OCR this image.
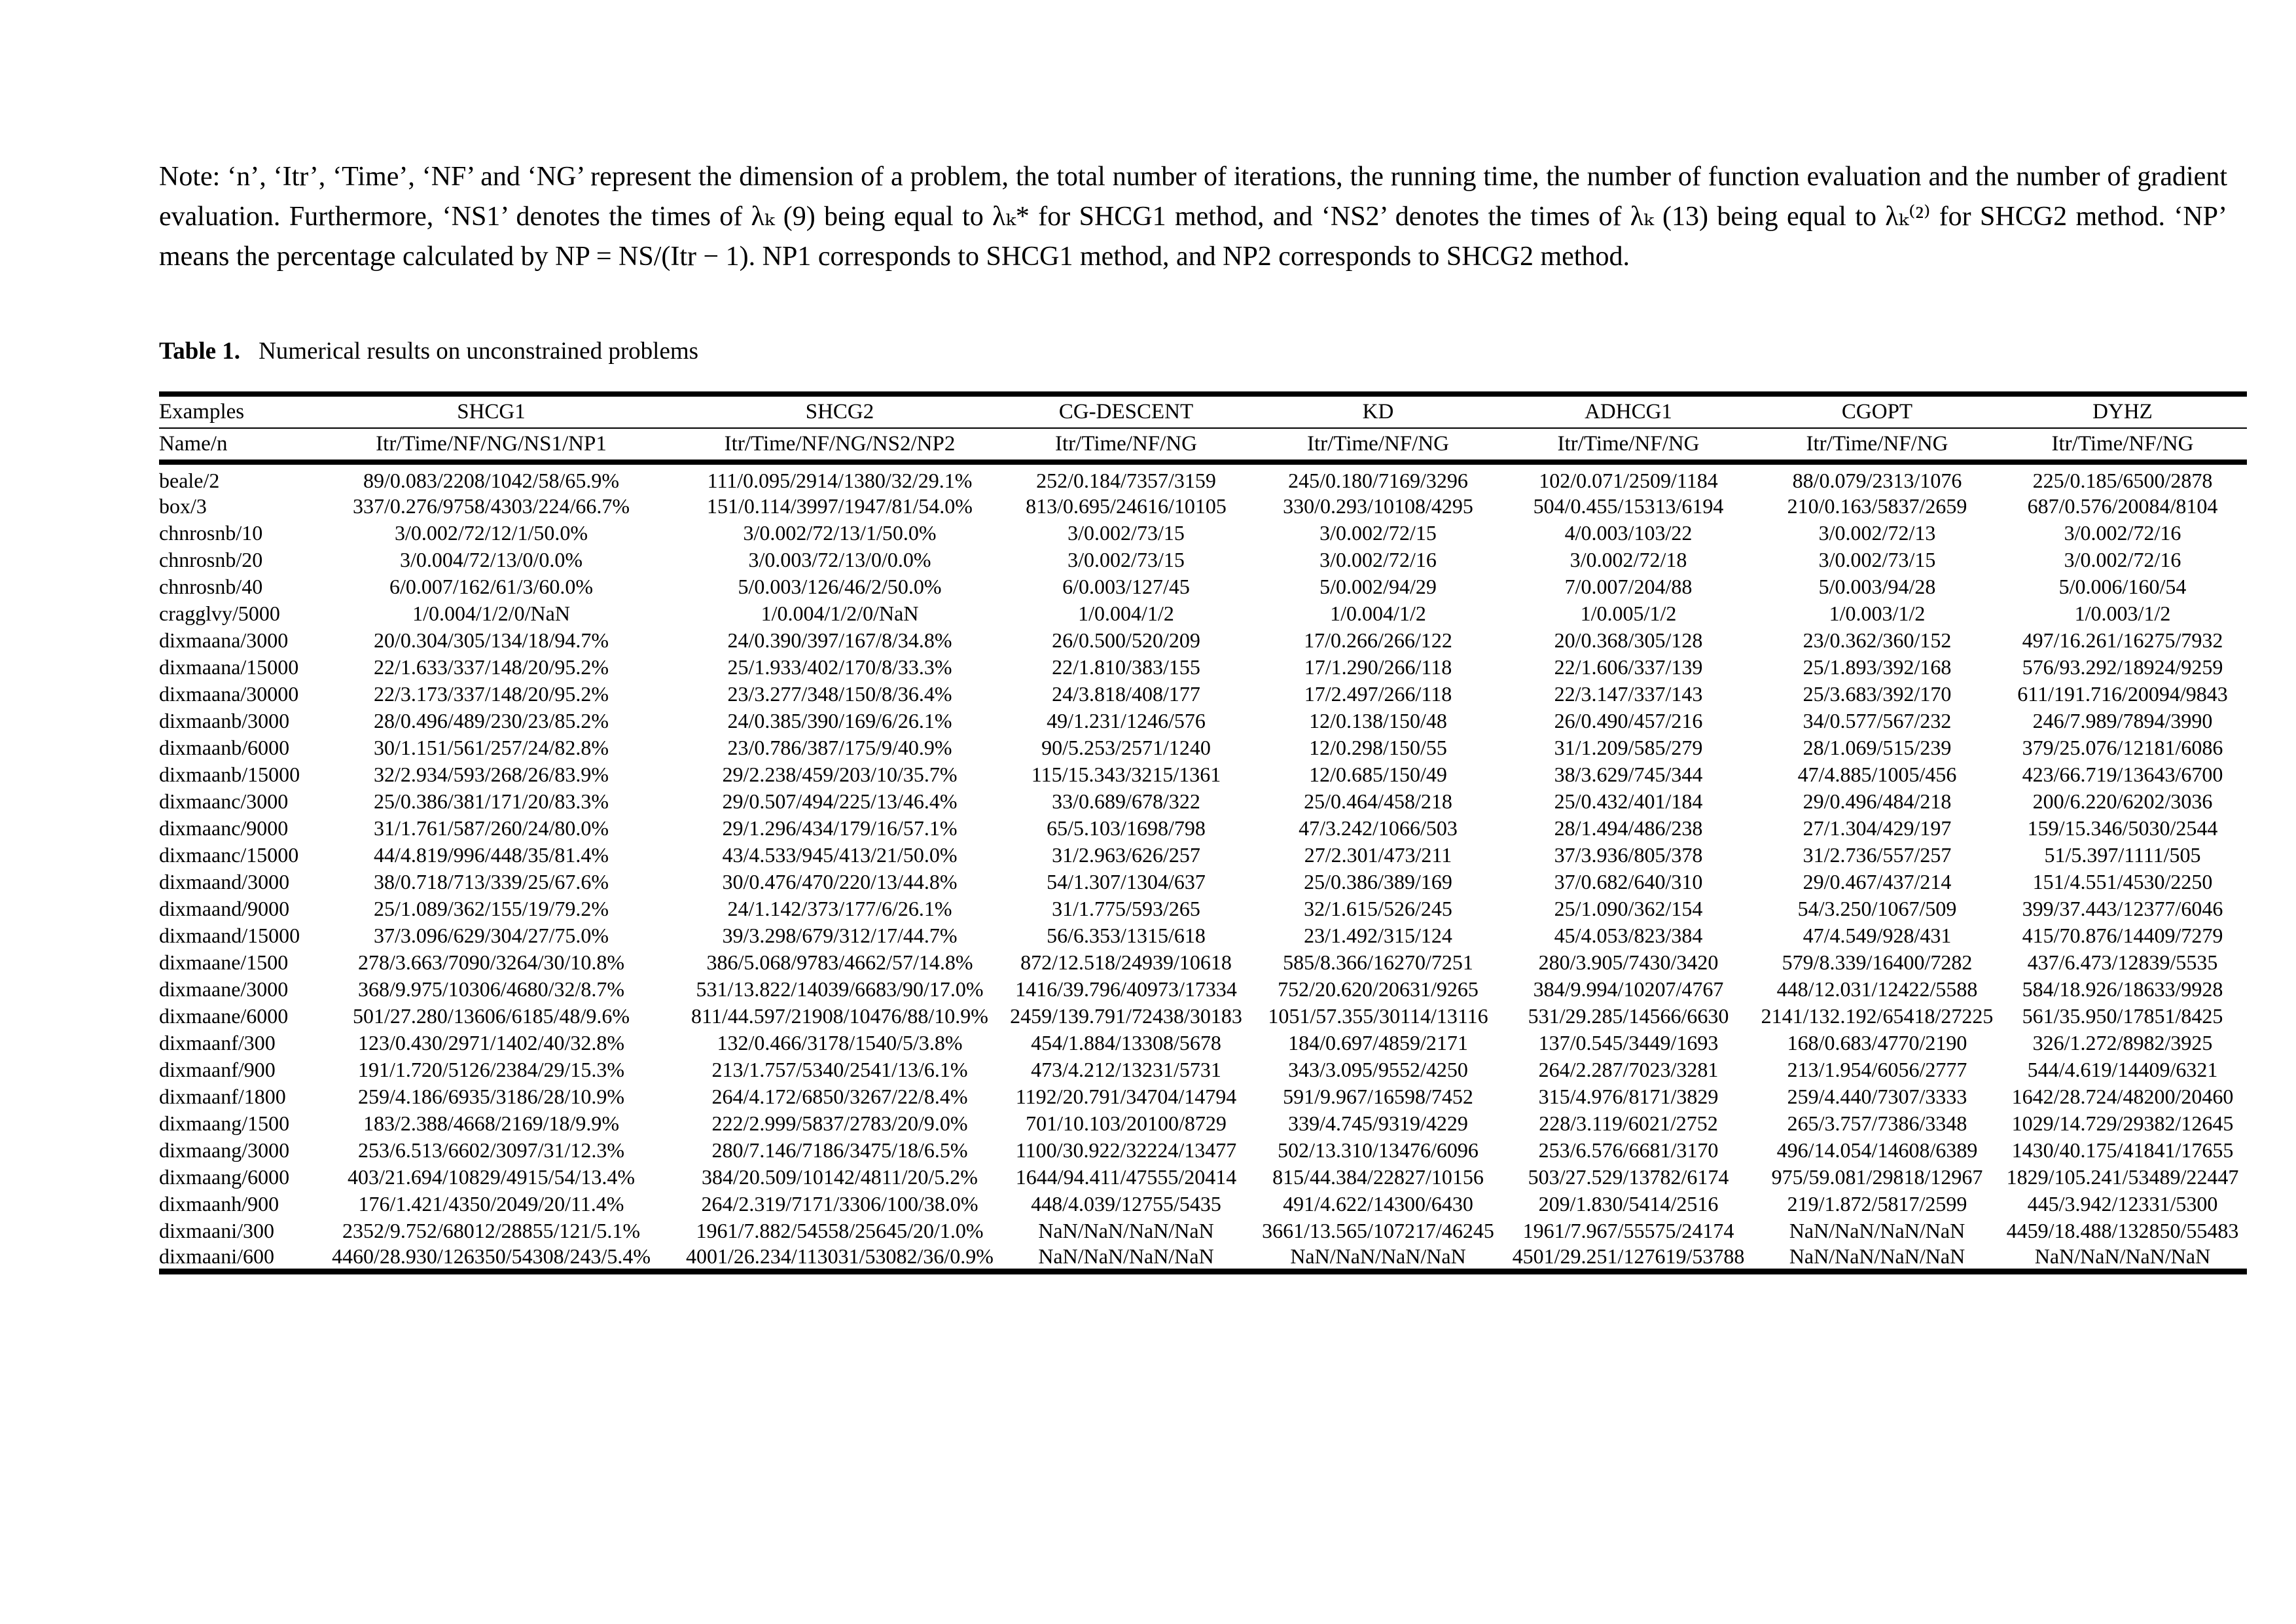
Note: ‘n’, ‘Itr’, ‘Time’, ‘NF’ and ‘NG’ represent the dimension of a problem, the total number of iterations, the running time, the number of function evaluation and the number of gradient evaluation. Furthermore, ‘NS1’ denotes the times of λₖ (9) being equal to λₖ* for SHCG1 method, and ‘NS2’ denotes the times of λₖ (13) being equal to λₖ⁽²⁾ for SHCG2 method. ‘NP’ means the percentage calculated by NP = NS/(Itr − 1). NP1 corresponds to SHCG1 method, and NP2 corresponds to SHCG2 method.

Table 1. Numerical results on unconstrained problems

Examples	SHCG1	SHCG2	CG-DESCENT	KD	ADHCG1	CGOPT	DYHZ
Name/n	Itr/Time/NF/NG/NS1/NP1	Itr/Time/NF/NG/NS2/NP2	Itr/Time/NF/NG	Itr/Time/NF/NG	Itr/Time/NF/NG	Itr/Time/NF/NG	Itr/Time/NF/NG
beale/2	89/0.083/2208/1042/58/65.9%	111/0.095/2914/1380/32/29.1%	252/0.184/7357/3159	245/0.180/7169/3296	102/0.071/2509/1184	88/0.079/2313/1076	225/0.185/6500/2878
box/3	337/0.276/9758/4303/224/66.7%	151/0.114/3997/1947/81/54.0%	813/0.695/24616/10105	330/0.293/10108/4295	504/0.455/15313/6194	210/0.163/5837/2659	687/0.576/20084/8104
chnrosnb/10	3/0.002/72/12/1/50.0%	3/0.002/72/13/1/50.0%	3/0.002/73/15	3/0.002/72/15	4/0.003/103/22	3/0.002/72/13	3/0.002/72/16
chnrosnb/20	3/0.004/72/13/0/0.0%	3/0.003/72/13/0/0.0%	3/0.002/73/15	3/0.002/72/16	3/0.002/72/18	3/0.002/73/15	3/0.002/72/16
chnrosnb/40	6/0.007/162/61/3/60.0%	5/0.003/126/46/2/50.0%	6/0.003/127/45	5/0.002/94/29	7/0.007/204/88	5/0.003/94/28	5/0.006/160/54
cragglvy/5000	1/0.004/1/2/0/NaN	1/0.004/1/2/0/NaN	1/0.004/1/2	1/0.004/1/2	1/0.005/1/2	1/0.003/1/2	1/0.003/1/2
dixmaana/3000	20/0.304/305/134/18/94.7%	24/0.390/397/167/8/34.8%	26/0.500/520/209	17/0.266/266/122	20/0.368/305/128	23/0.362/360/152	497/16.261/16275/7932
dixmaana/15000	22/1.633/337/148/20/95.2%	25/1.933/402/170/8/33.3%	22/1.810/383/155	17/1.290/266/118	22/1.606/337/139	25/1.893/392/168	576/93.292/18924/9259
dixmaana/30000	22/3.173/337/148/20/95.2%	23/3.277/348/150/8/36.4%	24/3.818/408/177	17/2.497/266/118	22/3.147/337/143	25/3.683/392/170	611/191.716/20094/9843
dixmaanb/3000	28/0.496/489/230/23/85.2%	24/0.385/390/169/6/26.1%	49/1.231/1246/576	12/0.138/150/48	26/0.490/457/216	34/0.577/567/232	246/7.989/7894/3990
dixmaanb/6000	30/1.151/561/257/24/82.8%	23/0.786/387/175/9/40.9%	90/5.253/2571/1240	12/0.298/150/55	31/1.209/585/279	28/1.069/515/239	379/25.076/12181/6086
dixmaanb/15000	32/2.934/593/268/26/83.9%	29/2.238/459/203/10/35.7%	115/15.343/3215/1361	12/0.685/150/49	38/3.629/745/344	47/4.885/1005/456	423/66.719/13643/6700
dixmaanc/3000	25/0.386/381/171/20/83.3%	29/0.507/494/225/13/46.4%	33/0.689/678/322	25/0.464/458/218	25/0.432/401/184	29/0.496/484/218	200/6.220/6202/3036
dixmaanc/9000	31/1.761/587/260/24/80.0%	29/1.296/434/179/16/57.1%	65/5.103/1698/798	47/3.242/1066/503	28/1.494/486/238	27/1.304/429/197	159/15.346/5030/2544
dixmaanc/15000	44/4.819/996/448/35/81.4%	43/4.533/945/413/21/50.0%	31/2.963/626/257	27/2.301/473/211	37/3.936/805/378	31/2.736/557/257	51/5.397/1111/505
dixmaand/3000	38/0.718/713/339/25/67.6%	30/0.476/470/220/13/44.8%	54/1.307/1304/637	25/0.386/389/169	37/0.682/640/310	29/0.467/437/214	151/4.551/4530/2250
dixmaand/9000	25/1.089/362/155/19/79.2%	24/1.142/373/177/6/26.1%	31/1.775/593/265	32/1.615/526/245	25/1.090/362/154	54/3.250/1067/509	399/37.443/12377/6046
dixmaand/15000	37/3.096/629/304/27/75.0%	39/3.298/679/312/17/44.7%	56/6.353/1315/618	23/1.492/315/124	45/4.053/823/384	47/4.549/928/431	415/70.876/14409/7279
dixmaane/1500	278/3.663/7090/3264/30/10.8%	386/5.068/9783/4662/57/14.8%	872/12.518/24939/10618	585/8.366/16270/7251	280/3.905/7430/3420	579/8.339/16400/7282	437/6.473/12839/5535
dixmaane/3000	368/9.975/10306/4680/32/8.7%	531/13.822/14039/6683/90/17.0%	1416/39.796/40973/17334	752/20.620/20631/9265	384/9.994/10207/4767	448/12.031/12422/5588	584/18.926/18633/9928
dixmaane/6000	501/27.280/13606/6185/48/9.6%	811/44.597/21908/10476/88/10.9%	2459/139.791/72438/30183	1051/57.355/30114/13116	531/29.285/14566/6630	2141/132.192/65418/27225	561/35.950/17851/8425
dixmaanf/300	123/0.430/2971/1402/40/32.8%	132/0.466/3178/1540/5/3.8%	454/1.884/13308/5678	184/0.697/4859/2171	137/0.545/3449/1693	168/0.683/4770/2190	326/1.272/8982/3925
dixmaanf/900	191/1.720/5126/2384/29/15.3%	213/1.757/5340/2541/13/6.1%	473/4.212/13231/5731	343/3.095/9552/4250	264/2.287/7023/3281	213/1.954/6056/2777	544/4.619/14409/6321
dixmaanf/1800	259/4.186/6935/3186/28/10.9%	264/4.172/6850/3267/22/8.4%	1192/20.791/34704/14794	591/9.967/16598/7452	315/4.976/8171/3829	259/4.440/7307/3333	1642/28.724/48200/20460
dixmaang/1500	183/2.388/4668/2169/18/9.9%	222/2.999/5837/2783/20/9.0%	701/10.103/20100/8729	339/4.745/9319/4229	228/3.119/6021/2752	265/3.757/7386/3348	1029/14.729/29382/12645
dixmaang/3000	253/6.513/6602/3097/31/12.3%	280/7.146/7186/3475/18/6.5%	1100/30.922/32224/13477	502/13.310/13476/6096	253/6.576/6681/3170	496/14.054/14608/6389	1430/40.175/41841/17655
dixmaang/6000	403/21.694/10829/4915/54/13.4%	384/20.509/10142/4811/20/5.2%	1644/94.411/47555/20414	815/44.384/22827/10156	503/27.529/13782/6174	975/59.081/29818/12967	1829/105.241/53489/22447
dixmaanh/900	176/1.421/4350/2049/20/11.4%	264/2.319/7171/3306/100/38.0%	448/4.039/12755/5435	491/4.622/14300/6430	209/1.830/5414/2516	219/1.872/5817/2599	445/3.942/12331/5300
dixmaani/300	2352/9.752/68012/28855/121/5.1%	1961/7.882/54558/25645/20/1.0%	NaN/NaN/NaN/NaN	3661/13.565/107217/46245	1961/7.967/55575/24174	NaN/NaN/NaN/NaN	4459/18.488/132850/55483
dixmaani/600	4460/28.930/126350/54308/243/5.4%	4001/26.234/113031/53082/36/0.9%	NaN/NaN/NaN/NaN	NaN/NaN/NaN/NaN	4501/29.251/127619/53788	NaN/NaN/NaN/NaN	NaN/NaN/NaN/NaN
